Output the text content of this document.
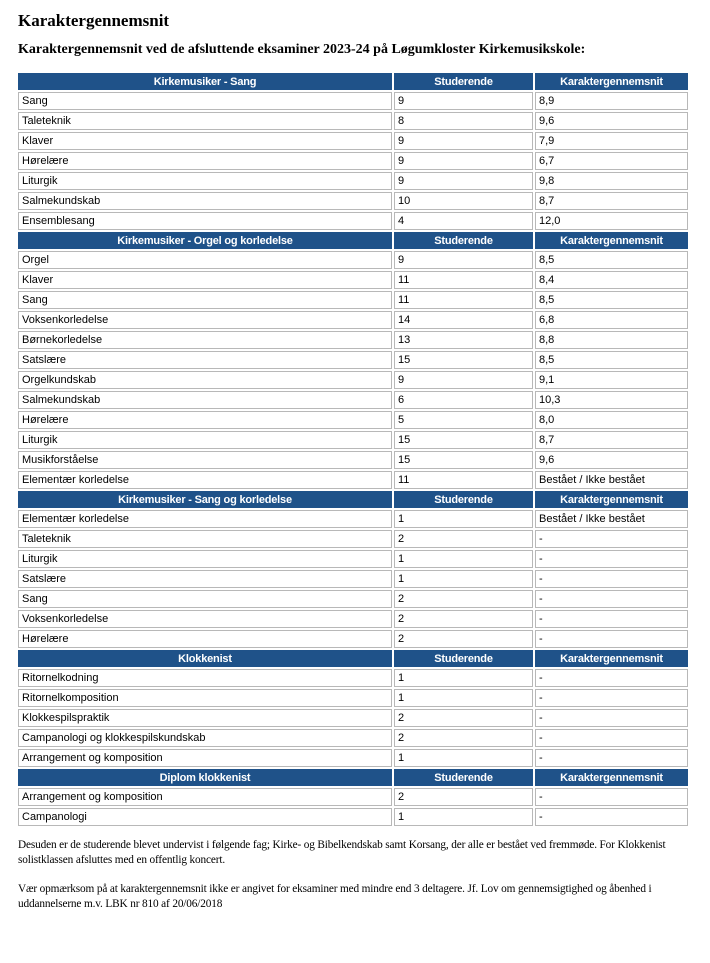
Karaktergennemsnit
Karaktergennemsnit ved de afsluttende eksaminer 2023-24 på Løgumkloster Kirkemusikskole:
Kirkemusiker - Sang	Studerende	Karaktergennemsnit
Sang	9	8,9
Taleteknik	8	9,6
Klaver	9	7,9
Hørelære	9	6,7
Liturgik	9	9,8
Salmekundskab	10	8,7
Ensemblesang	4	12,0
Kirkemusiker - Orgel og korledelse	Studerende	Karaktergennemsnit
Orgel	9	8,5
Klaver	11	8,4
Sang	11	8,5
Voksenkorledelse	14	6,8
Børnekorledelse	13	8,8
Satslære	15	8,5
Orgelkundskab	9	9,1
Salmekundskab	6	10,3
Hørelære	5	8,0
Liturgik	15	8,7
Musikforståelse	15	9,6
Elementær korledelse	11	Bestået / Ikke bestået
Kirkemusiker - Sang og korledelse	Studerende	Karaktergennemsnit
Elementær korledelse	1	Bestået / Ikke bestået
Taleteknik	2	-
Liturgik	1	-
Satslære	1	-
Sang	2	-
Voksenkorledelse	2	-
Hørelære	2	-
Klokkenist	Studerende	Karaktergennemsnit
Ritornelkodning	1	-
Ritornelkomposition	1	-
Klokkespilspraktik	2	-
Campanologi og klokkespilskundskab	2	-
Arrangement og komposition	1	-
Diplom klokkenist	Studerende	Karaktergennemsnit
Arrangement og komposition	2	-
Campanologi	1	-

Desuden er de studerende blevet undervist i følgende fag; Kirke- og Bibelkendskab samt Korsang, der alle er bestået ved fremmøde. For Klokkenist solistklassen afsluttes med en offentlig koncert.

Vær opmærksom på at karaktergennemsnit ikke er angivet for eksaminer med mindre end 3 deltagere. Jf. Lov om gennemsigtighed og åbenhed i uddannelserne m.v. LBK nr 810 af 20/06/2018
